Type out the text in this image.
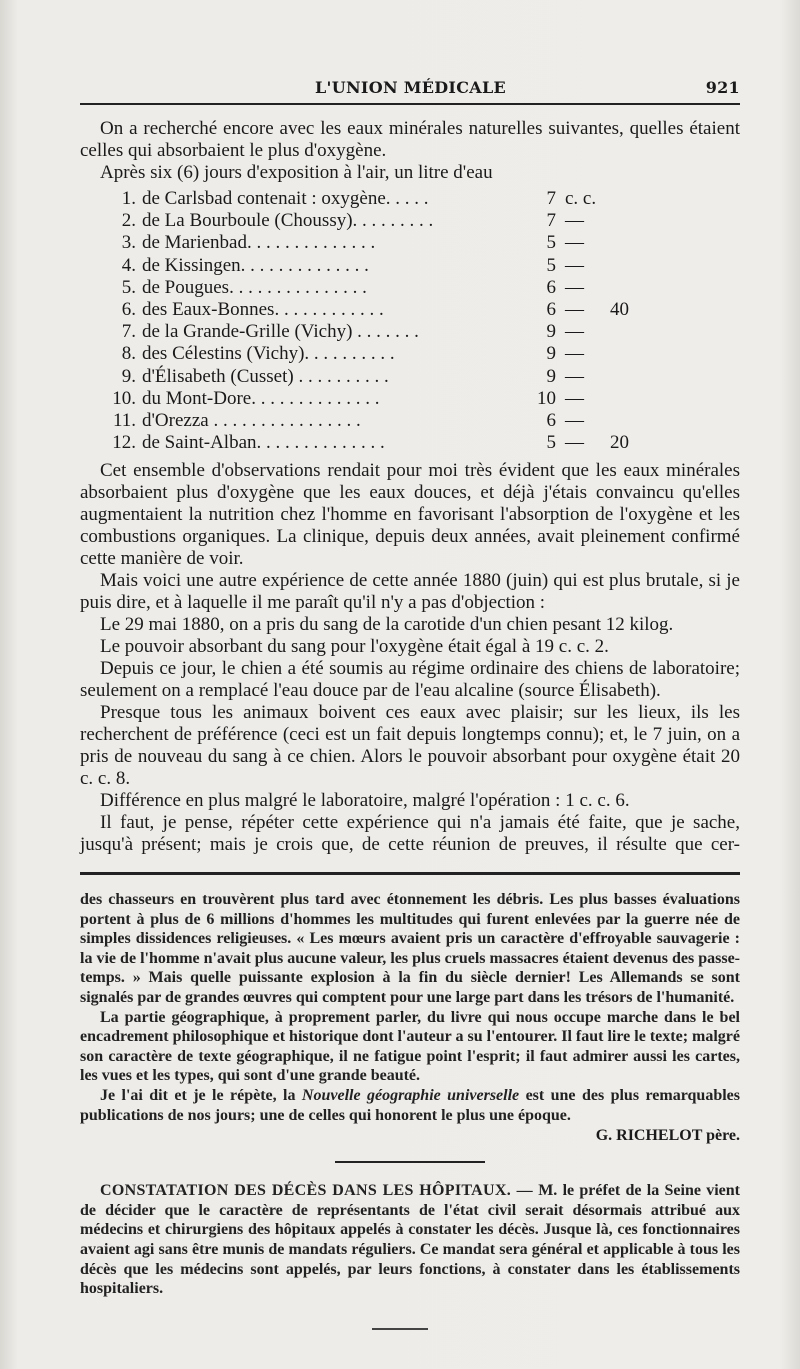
L'UNION MÉDICALE	921

On a recherché encore avec les eaux minérales naturelles suivantes, quelles étaient celles qui absorbaient le plus d'oxygène.

Après six (6) jours d'exposition à l'air, un litre d'eau

1. de Carlsbad contenait : oxygène. . . . .	7 c. c.
2. de La Bourboule (Choussy). . . . . . . . .	7 —
3. de Marienbad. . . . . . . . . . . . . .	5 —
4. de Kissingen. . . . . . . . . . . . . .	5 —
5. de Pougues. . . . . . . . . . . . . . .	6 —
6. des Eaux-Bonnes. . . . . . . . . . . .	6 — 40
7. de la Grande-Grille (Vichy) . . . . . . .	9 —
8. des Célestins (Vichy). . . . . . . . . .	9 —
9. d'Élisabeth (Cusset) . . . . . . . . . .	9 —
10. du Mont-Dore. . . . . . . . . . . . . .	10 —
11. d'Orezza . . . . . . . . . . . . . . . .	6 —
12. de Saint-Alban. . . . . . . . . . . . . .	5 — 20

Cet ensemble d'observations rendait pour moi très évident que les eaux minérales absorbaient plus d'oxygène que les eaux douces, et déjà j'étais convaincu qu'elles augmentaient la nutrition chez l'homme en favorisant l'absorption de l'oxygène et les combustions organiques. La clinique, depuis deux années, avait pleinement confirmé cette manière de voir.

Mais voici une autre expérience de cette année 1880 (juin) qui est plus brutale, si je puis dire, et à laquelle il me paraît qu'il n'y a pas d'objection :

Le 29 mai 1880, on a pris du sang de la carotide d'un chien pesant 12 kilog.

Le pouvoir absorbant du sang pour l'oxygène était égal à 19 c. c. 2.

Depuis ce jour, le chien a été soumis au régime ordinaire des chiens de laboratoire; seulement on a remplacé l'eau douce par de l'eau alcaline (source Élisabeth).

Presque tous les animaux boivent ces eaux avec plaisir; sur les lieux, ils les recherchent de préférence (ceci est un fait depuis longtemps connu); et, le 7 juin, on a pris de nouveau du sang à ce chien. Alors le pouvoir absorbant pour oxygène était 20 c. c. 8.

Différence en plus malgré le laboratoire, malgré l'opération : 1 c. c. 6.

Il faut, je pense, répéter cette expérience qui n'a jamais été faite, que je sache, jusqu'à présent; mais je crois que, de cette réunion de preuves, il résulte que cer-

des chasseurs en trouvèrent plus tard avec étonnement les débris. Les plus basses évaluations portent à plus de 6 millions d'hommes les multitudes qui furent enlevées par la guerre née de simples dissidences religieuses. « Les mœurs avaient pris un caractère d'effroyable sauvagerie : la vie de l'homme n'avait plus aucune valeur, les plus cruels massacres étaient devenus des passe-temps. » Mais quelle puissante explosion à la fin du siècle dernier! Les Allemands se sont signalés par de grandes œuvres qui comptent pour une large part dans les trésors de l'humanité.

La partie géographique, à proprement parler, du livre qui nous occupe marche dans le bel encadrement philosophique et historique dont l'auteur a su l'entourer. Il faut lire le texte; malgré son caractère de texte géographique, il ne fatigue point l'esprit; il faut admirer aussi les cartes, les vues et les types, qui sont d'une grande beauté.

Je l'ai dit et je le répète, la Nouvelle géographie universelle est une des plus remarquables publications de nos jours; une de celles qui honorent le plus une époque.

G. RICHELOT père.

CONSTATATION DES DÉCÈS DANS LES HÔPITAUX. — M. le préfet de la Seine vient de décider que le caractère de représentants de l'état civil serait désormais attribué aux médecins et chirurgiens des hôpitaux appelés à constater les décès. Jusque là, ces fonctionnaires avaient agi sans être munis de mandats réguliers. Ce mandat sera général et applicable à tous les décès que les médecins sont appelés, par leurs fonctions, à constater dans les établissements hospitaliers.
